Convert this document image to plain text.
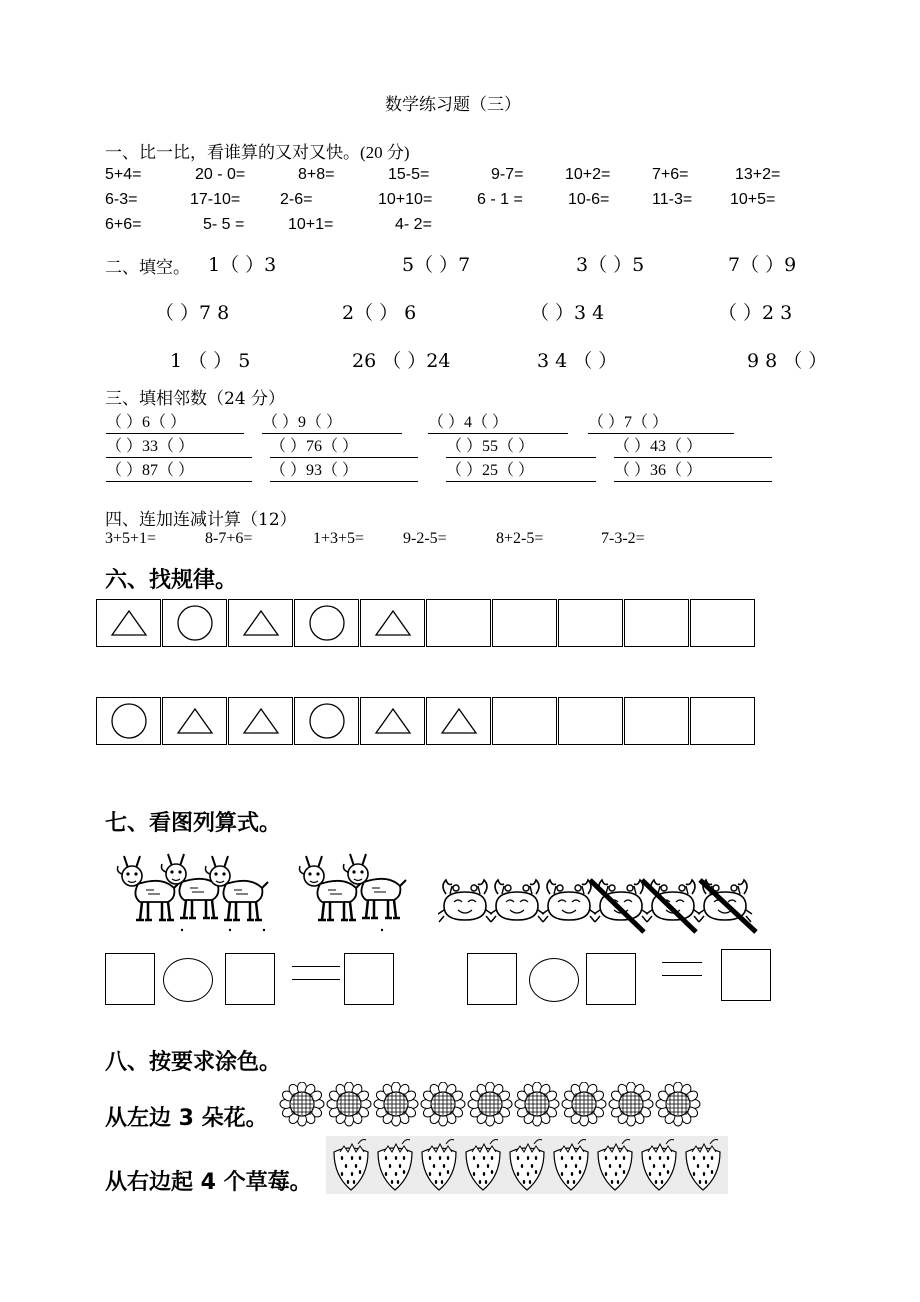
数学练习题（三）
一、比一比，看谁算的又对又快。(20 分)
5+4=	20 - 0=	8+8=	15-5=	9-7=	10+2=	7+6=	13+2=
6-3=	17-10= 2-6=	10+10=	6 - 1 =	10-6=	11-3= 10+5=
6+6=	5- 5 =	10+1=	4- 2=
二、填空。 1（ ）3	5（ ）7	3（ ）5	7（ ）9
（ ）7 8	2（ ） 6	（ ）3 4	（ ）2 3
1 （ ） 5	26 （ ）24	3 4 （ ）	9 8 （ ）
三、填相邻数（24 分）
（ ）6（ ）	（ ）9（ ）	（ ）4（ ）	（ ）7（ ）
（ ）33（ ）	（ ）76（ ）	（ ）55（ ）	（ ）43（ ）
（ ）87（ ）	（ ）93（ ）	（ ）25（ ）	（ ）36（ ）
四、连加连减计算（12）
3+5+1=	8-7+6=	1+3+5= 9-2-5=	8+2-5=	7-3-2=
六、找规律。
七、看图列算式。
八、按要求涂色。
从左边 3 朵花。
从右边起 4 个草莓。
